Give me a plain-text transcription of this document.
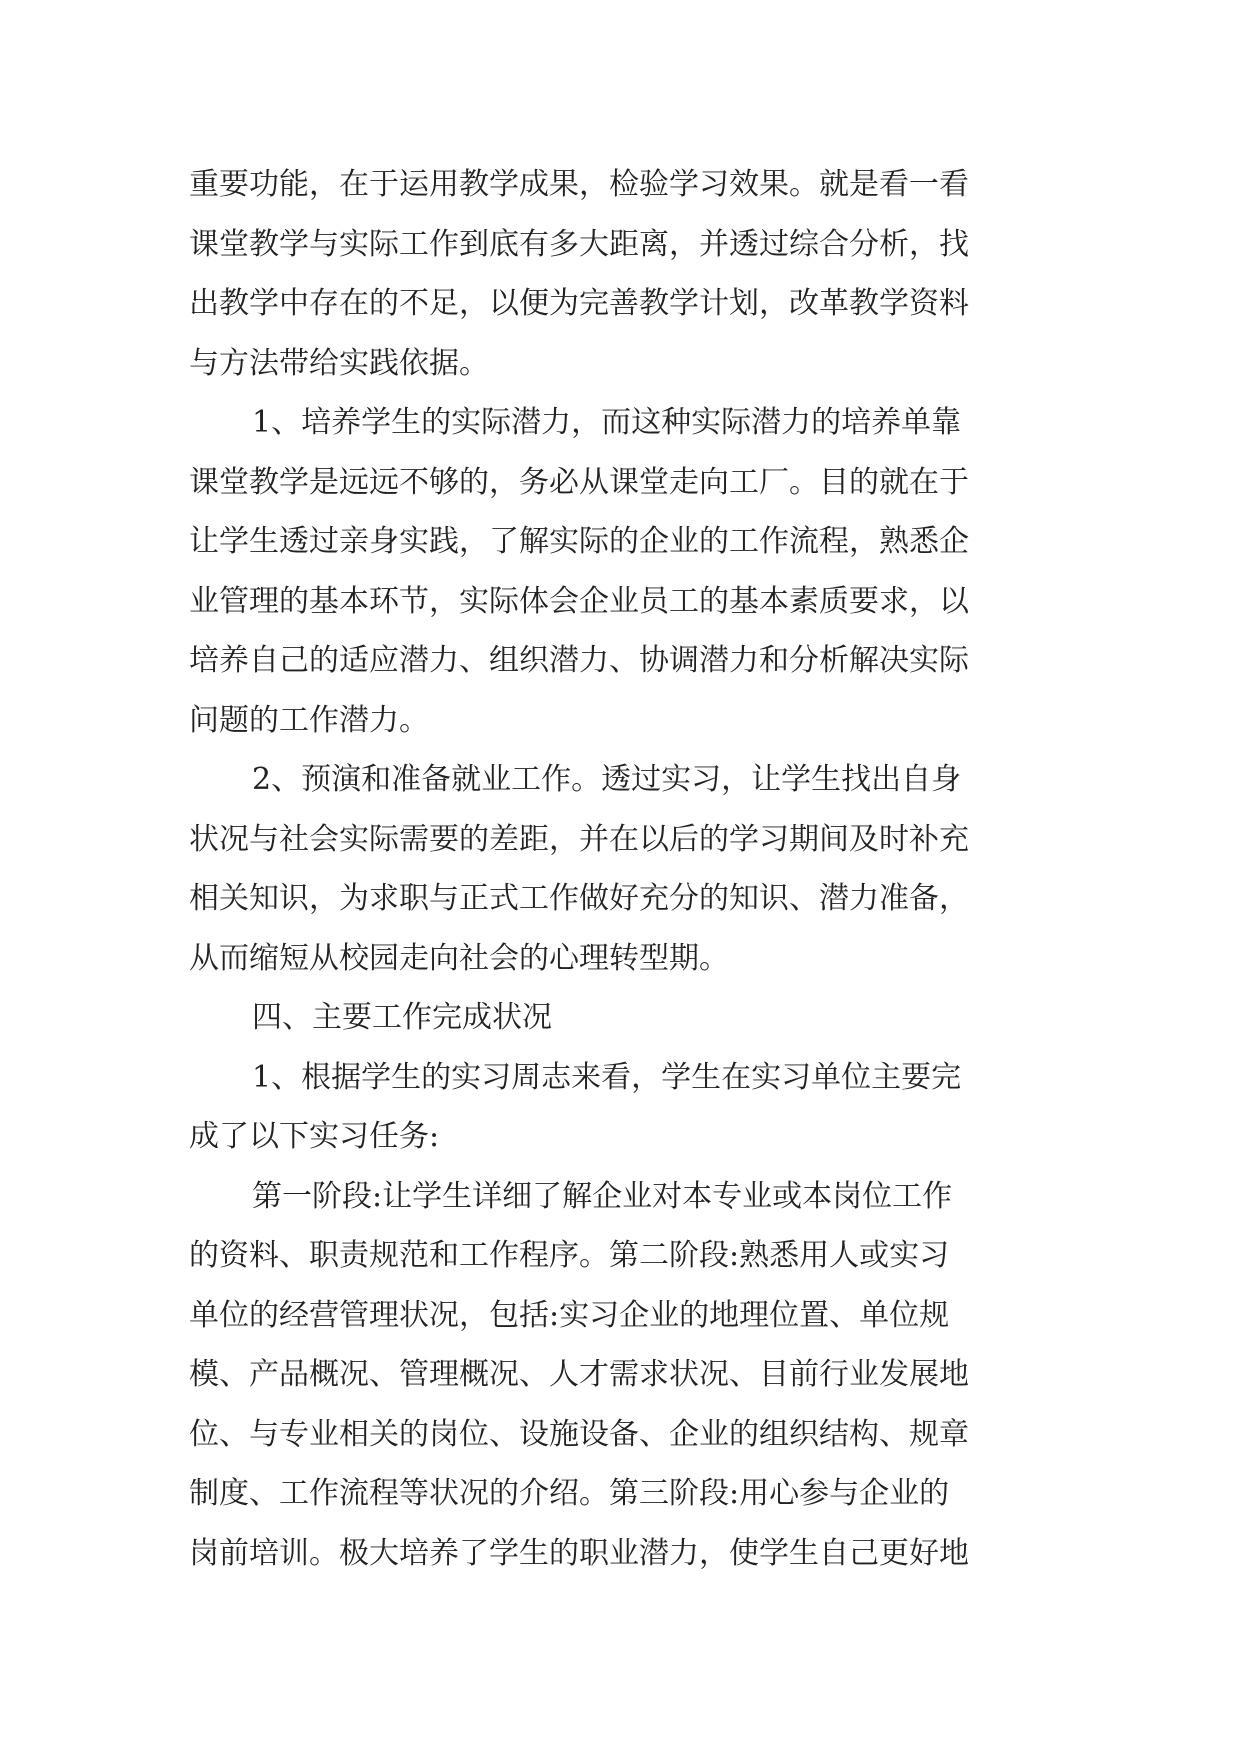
重要功能，在于运用教学成果，检验学习效果。就是看一看
课堂教学与实际工作到底有多大距离，并透过综合分析，找
出教学中存在的不足，以便为完善教学计划，改革教学资料
与方法带给实践依据。
1、培养学生的实际潜力，而这种实际潜力的培养单靠
课堂教学是远远不够的，务必从课堂走向工厂。目的就在于
让学生透过亲身实践，了解实际的企业的工作流程，熟悉企
业管理的基本环节，实际体会企业员工的基本素质要求，以
培养自己的适应潜力、组织潜力、协调潜力和分析解决实际
问题的工作潜力。
2、预演和准备就业工作。透过实习，让学生找出自身
状况与社会实际需要的差距，并在以后的学习期间及时补充
相关知识，为求职与正式工作做好充分的知识、潜力准备，
从而缩短从校园走向社会的心理转型期。
四、主要工作完成状况
1、根据学生的实习周志来看，学生在实习单位主要完
成了以下实习任务:
第一阶段:让学生详细了解企业对本专业或本岗位工作
的资料、职责规范和工作程序。第二阶段:熟悉用人或实习
单位的经营管理状况，包括:实习企业的地理位置、单位规
模、产品概况、管理概况、人才需求状况、目前行业发展地
位、与专业相关的岗位、设施设备、企业的组织结构、规章
制度、工作流程等状况的介绍。第三阶段:用心参与企业的
岗前培训。极大培养了学生的职业潜力，使学生自己更好地
